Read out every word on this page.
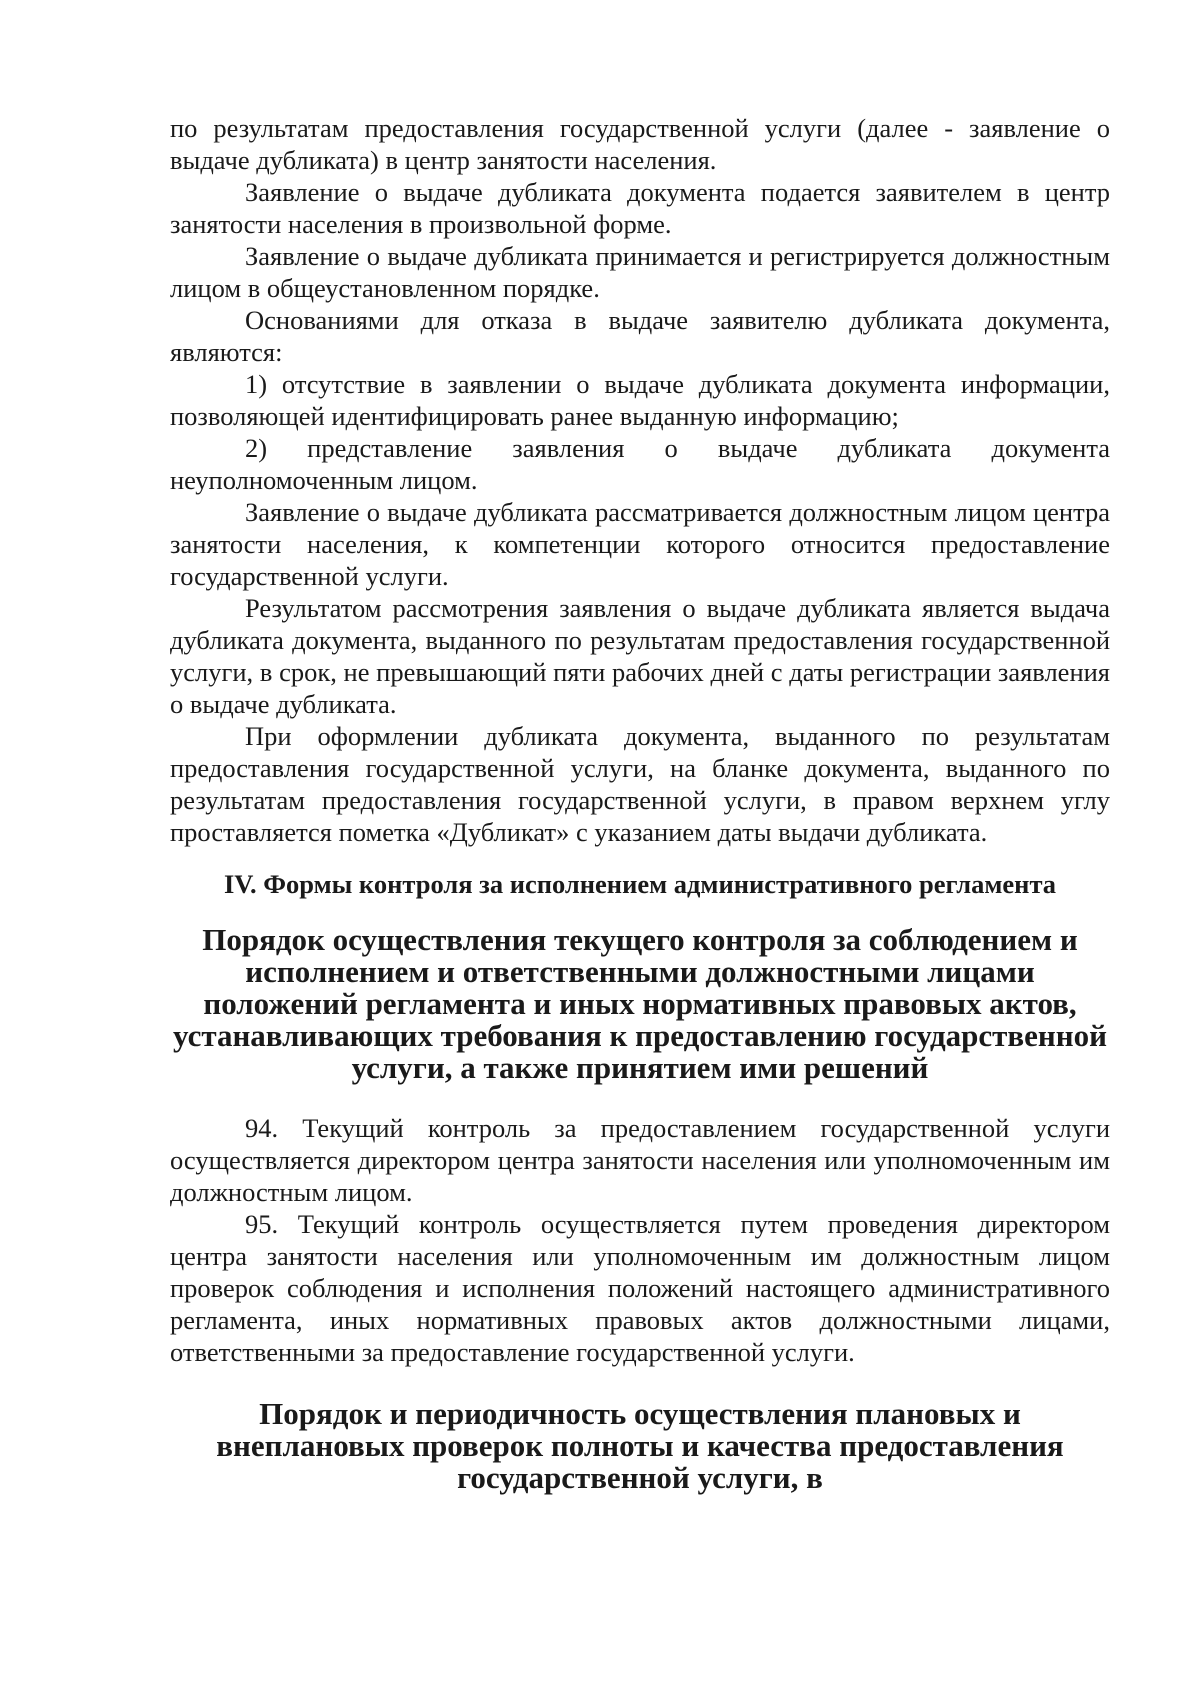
по результатам предоставления государственной услуги (далее - заявление о выдаче дубликата) в центр занятости населения.

Заявление о выдаче дубликата документа подается заявителем в центр занятости населения в произвольной форме.

Заявление о выдаче дубликата принимается и регистрируется должностным лицом в общеустановленном порядке.

Основаниями для отказа в выдаче заявителю дубликата документа, являются:

1) отсутствие в заявлении о выдаче дубликата документа информации, позволяющей идентифицировать ранее выданную информацию;

2) представление заявления о выдаче дубликата документа неуполномоченным лицом.

Заявление о выдаче дубликата рассматривается должностным лицом центра занятости населения, к компетенции которого относится предоставление государственной услуги.

Результатом рассмотрения заявления о выдаче дубликата является выдача дубликата документа, выданного по результатам предоставления государственной услуги, в срок, не превышающий пяти рабочих дней с даты регистрации заявления о выдаче дубликата.

При оформлении дубликата документа, выданного по результатам предоставления государственной услуги, на бланке документа, выданного по результатам предоставления государственной услуги, в правом верхнем углу проставляется пометка «Дубликат» с указанием даты выдачи дубликата.

IV. Формы контроля за исполнением административного регламента
Порядок осуществления текущего контроля за соблюдением и исполнением и ответственными должностными лицами положений регламента и иных нормативных правовых актов, устанавливающих требования к предоставлению государственной услуги, а также принятием ими решений

94. Текущий контроль за предоставлением государственной услуги осуществляется директором центра занятости населения или уполномоченным им должностным лицом.

95. Текущий контроль осуществляется путем проведения директором центра занятости населения или уполномоченным им должностным лицом проверок соблюдения и исполнения положений настоящего административного регламента, иных нормативных правовых актов должностными лицами, ответственными за предоставление государственной услуги.

Порядок и периодичность осуществления плановых и внеплановых проверок полноты и качества предоставления государственной услуги, в
